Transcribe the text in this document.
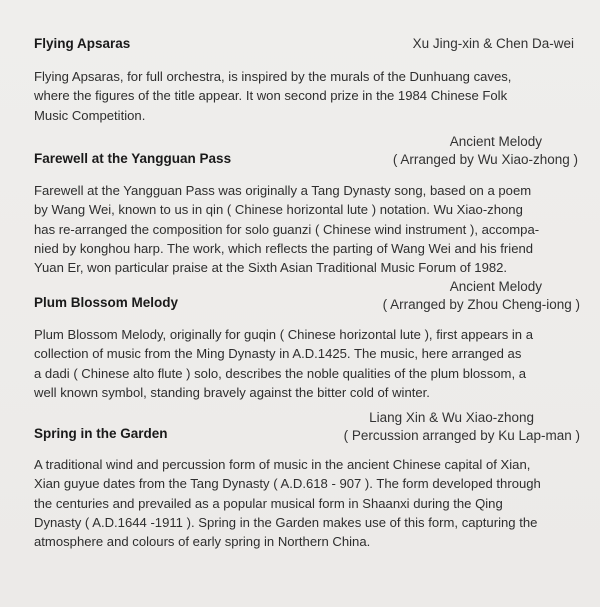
Flying Apsaras	Xu Jing-xin & Chen Da-wei

Flying Apsaras, for full orchestra, is inspired by the murals of the Dunhuang caves,
where the figures of the title appear. It won second prize in the 1984 Chinese Folk
Music Competition.

Ancient Melody
( Arranged by Wu Xiao-zhong )
Farewell at the Yangguan Pass

Farewell at the Yangguan Pass was originally a Tang Dynasty song, based on a poem
by Wang Wei, known to us in qin ( Chinese horizontal lute ) notation. Wu Xiao-zhong
has re-arranged the composition for solo guanzi ( Chinese wind instrument ), accompa-
nied by konghou harp. The work, which reflects the parting of Wang Wei and his friend
Yuan Er, won particular praise at the Sixth Asian Traditional Music Forum of 1982.

Ancient Melody
( Arranged by Zhou Cheng-iong )
Plum Blossom Melody

Plum Blossom Melody, originally for guqin ( Chinese horizontal lute ), first appears in a
collection of music from the Ming Dynasty in A.D.1425. The music, here arranged as
a dadi ( Chinese alto flute ) solo, describes the noble qualities of the plum blossom, a
well known symbol, standing bravely against the bitter cold of winter.

Liang Xin & Wu Xiao-zhong
( Percussion arranged by Ku Lap-man )
Spring in the Garden

A traditional wind and percussion form of music in the ancient Chinese capital of Xian,
Xian guyue dates from the Tang Dynasty ( A.D.618 - 907 ). The form developed through
the centuries and prevailed as a popular musical form in Shaanxi during the Qing
Dynasty ( A.D.1644 -1911 ). Spring in the Garden makes use of this form, capturing the
atmosphere and colours of early spring in Northern China.
